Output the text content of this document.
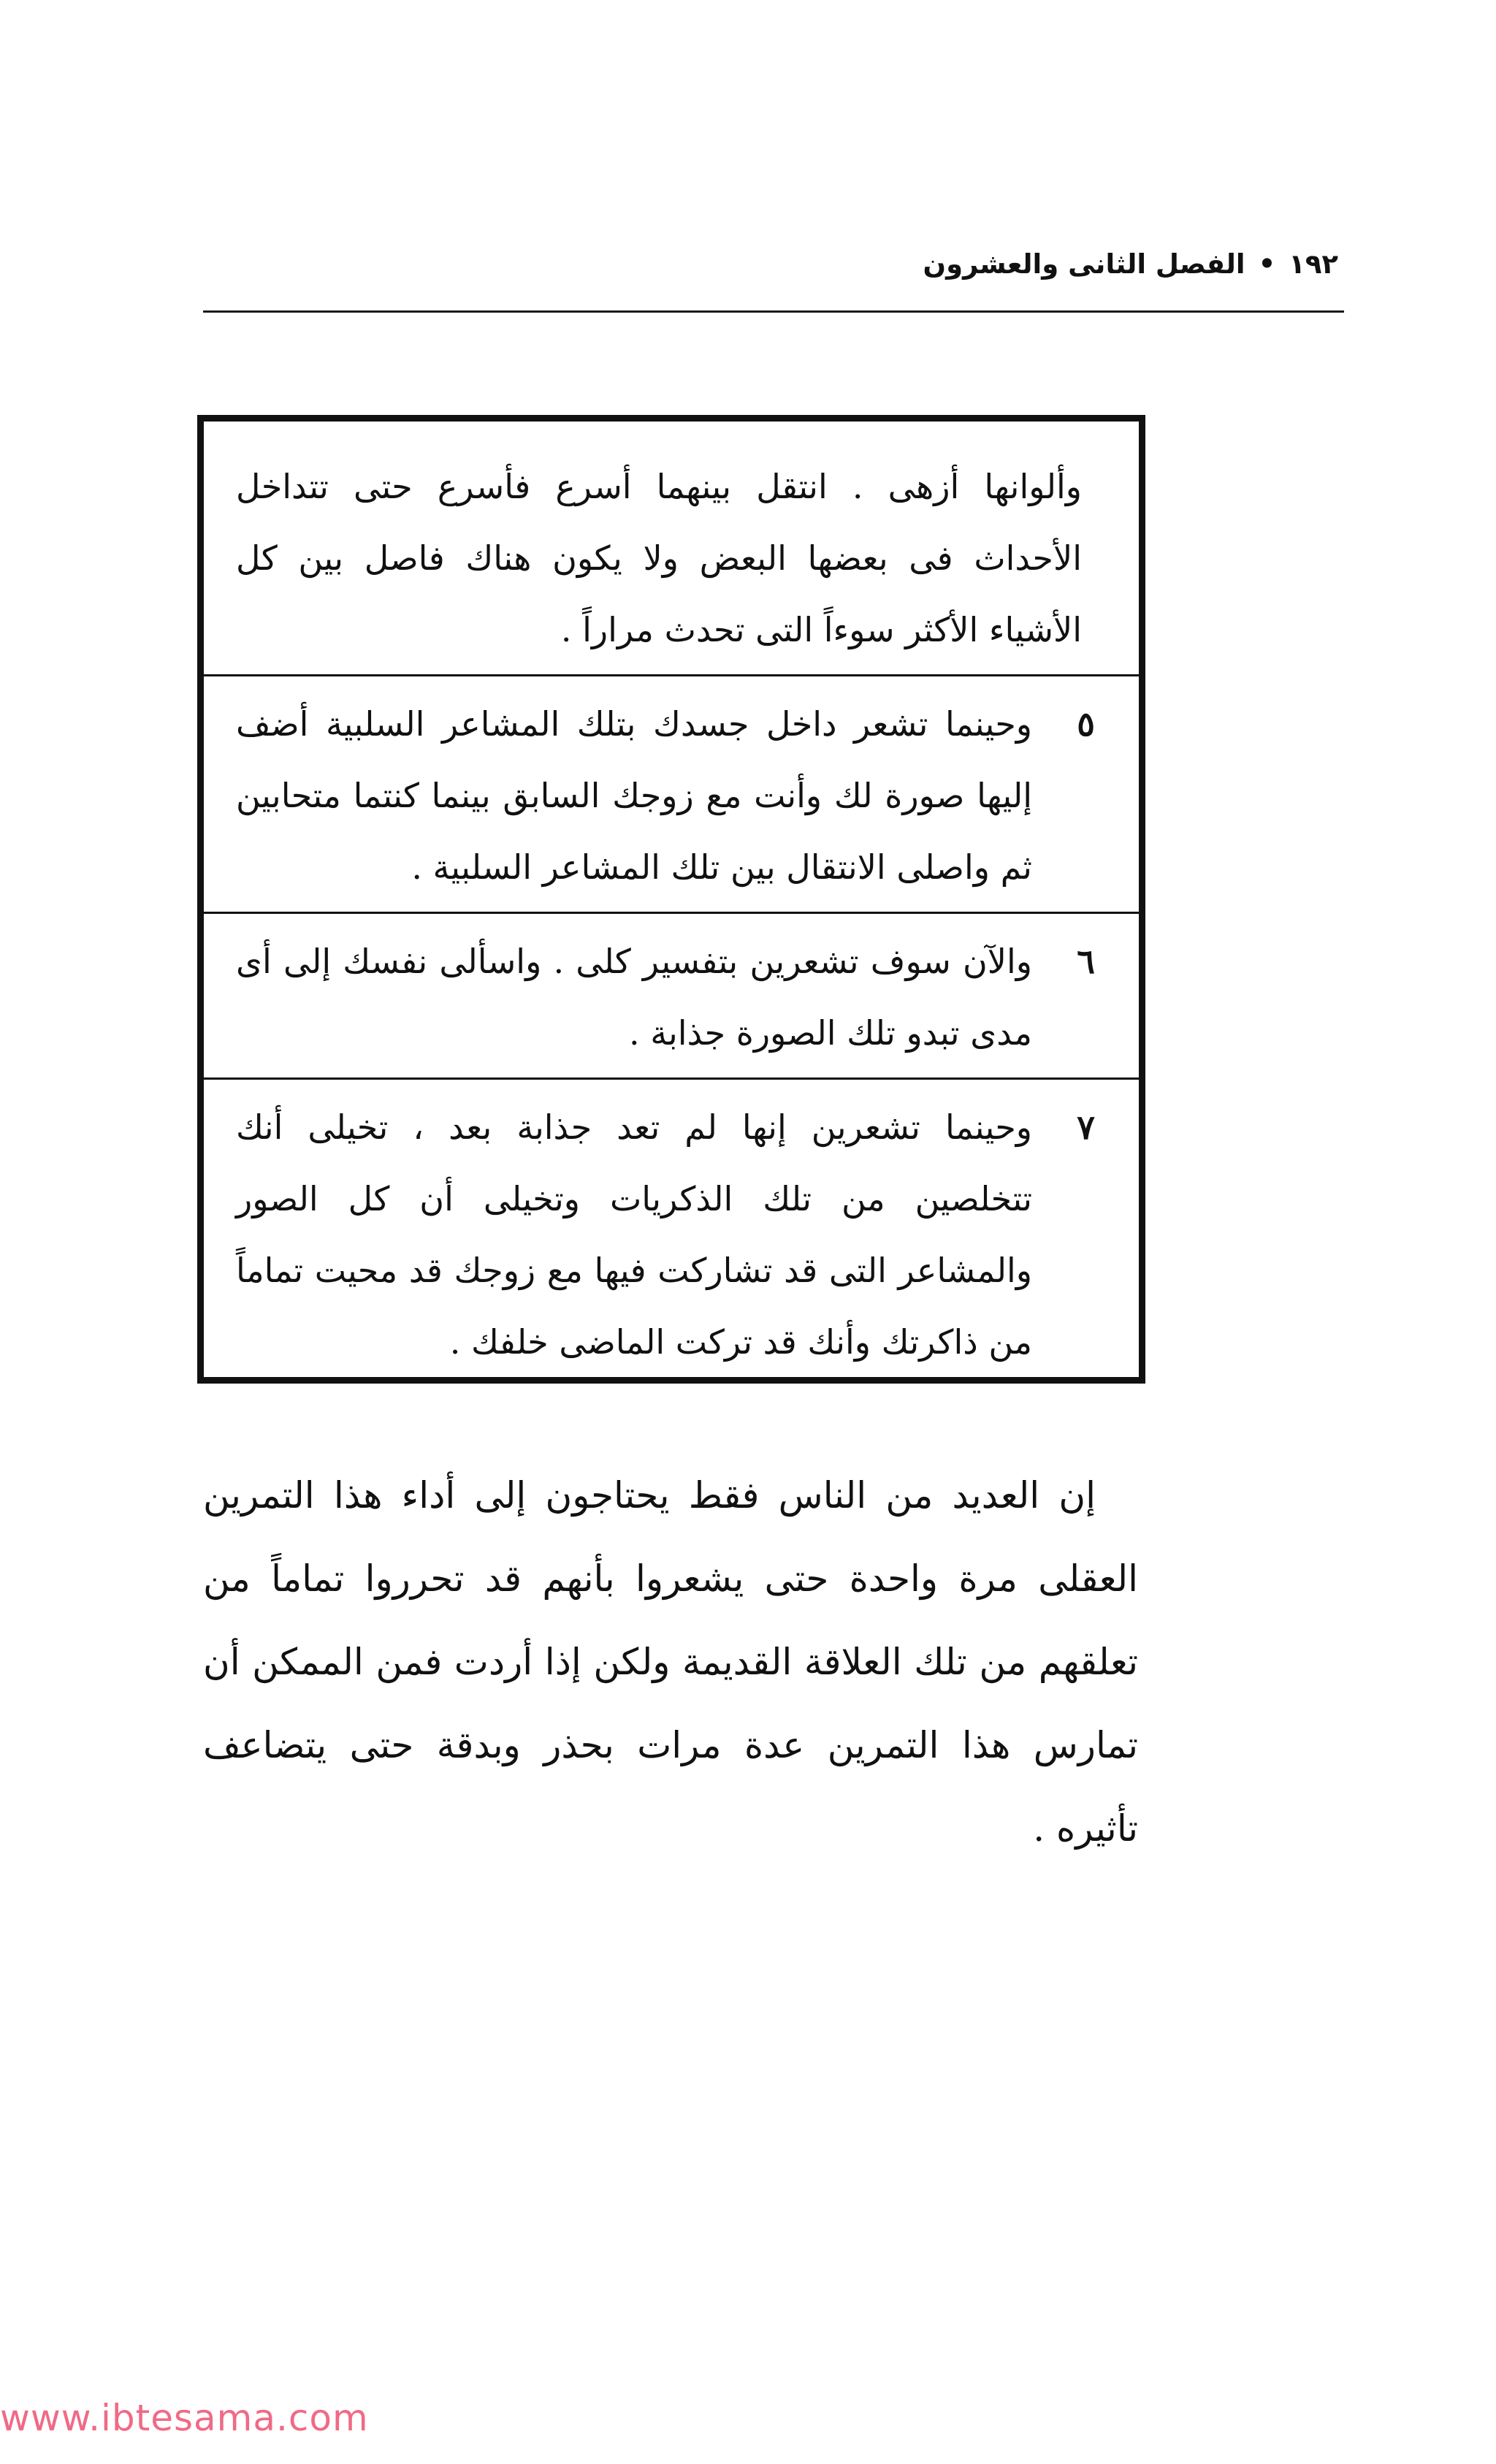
١٩٢•الفصل الثانى والعشرون
وألوانها أزهى . انتقل بينهما أسرع فأسرع حتى تتداخل الأحداث فى بعضها البعض ولا يكون هناك فاصل بين كل الأشياء الأكثر سوءاً التى تحدث مراراً .
٥
وحينما تشعر داخل جسدك بتلك المشاعر السلبية أضف إليها صورة لك وأنت مع زوجك السابق بينما كنتما متحابين ثم واصلى الانتقال بين تلك المشاعر السلبية .
٦
والآن سوف تشعرين بتفسير كلى . واسألى نفسك إلى أى مدى تبدو تلك الصورة جذابة .
٧
وحينما تشعرين إنها لم تعد جذابة بعد ، تخيلى أنك تتخلصين من تلك الذكريات وتخيلى أن كل الصور والمشاعر التى قد تشاركت فيها مع زوجك قد محيت تماماً من ذاكرتك وأنك قد تركت الماضى خلفك .
إن العديد من الناس فقط يحتاجون إلى أداء هذا التمرين العقلى مرة واحدة حتى يشعروا بأنهم قد تحرروا تماماً من تعلقهم من تلك العلاقة القديمة ولكن إذا أردت فمن الممكن أن تمارس هذا التمرين عدة مرات بحذر وبدقة حتى يتضاعف تأثيره .
www.ibtesama.com
